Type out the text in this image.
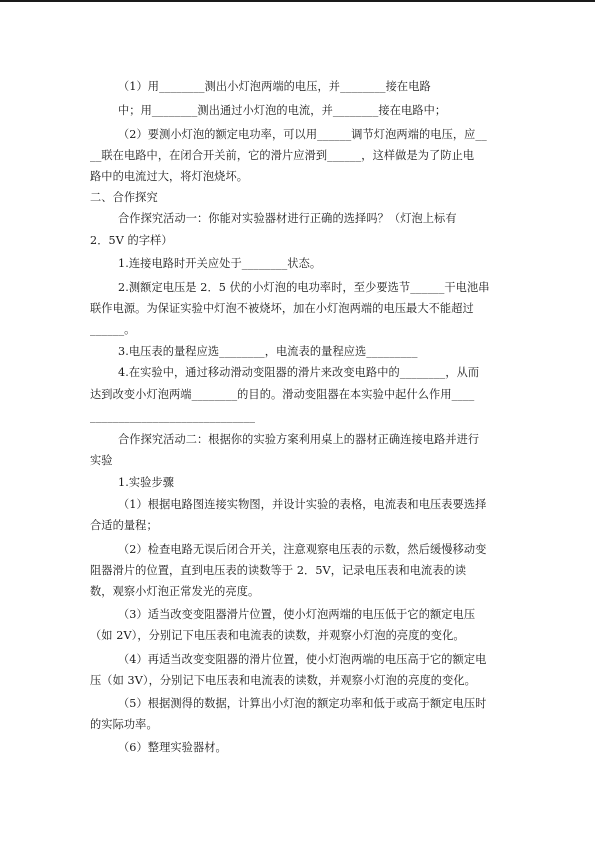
（1）用________测出小灯泡两端的电压，并________接在电路

中；用________测出通过小灯泡的电流，并________接在电路中；

（2）要测小灯泡的额定电功率，可以用______调节灯泡两端的电压，应__

__联在电路中，在闭合开关前，它的滑片应滑到______，这样做是为了防止电

路中的电流过大，将灯泡烧坏。

二、合作探究

合作探究活动一：你能对实验器材进行正确的选择吗？（灯泡上标有

2．5V 的字样）

1.连接电路时开关应处于________状态。

2.测额定电压是 2．5 伏的小灯泡的电功率时，至少要选节______干电池串

联作电源。为保证实验中灯泡不被烧坏，加在小灯泡两端的电压最大不能超过

______。

3.电压表的量程应选________，电流表的量程应选_________

4.在实验中，通过移动滑动变阻器的滑片来改变电路中的________，从而

达到改变小灯泡两端________的目的。滑动变阻器在本实验中起什么作用____

_____________________________

合作探究活动二：根据你的实验方案利用桌上的器材正确连接电路并进行

实验

1.实验步骤

（1）根据电路图连接实物图，并设计实验的表格，电流表和电压表要选择

合适的量程；

（2）检查电路无误后闭合开关，注意观察电压表的示数，然后缓慢移动变

阻器滑片的位置，直到电压表的读数等于 2．5V，记录电压表和电流表的读

数，观察小灯泡正常发光的亮度。

（3）适当改变变阻器滑片位置，使小灯泡两端的电压低于它的额定电压

（如 2V），分别记下电压表和电流表的读数，并观察小灯泡的亮度的变化。

（4）再适当改变变阻器的滑片位置，使小灯泡两端的电压高于它的额定电

压（如 3V），分别记下电压表和电流表的读数，并观察小灯泡的亮度的变化。

（5）根据测得的数据，计算出小灯泡的额定功率和低于或高于额定电压时

的实际功率。

（6）整理实验器材。
